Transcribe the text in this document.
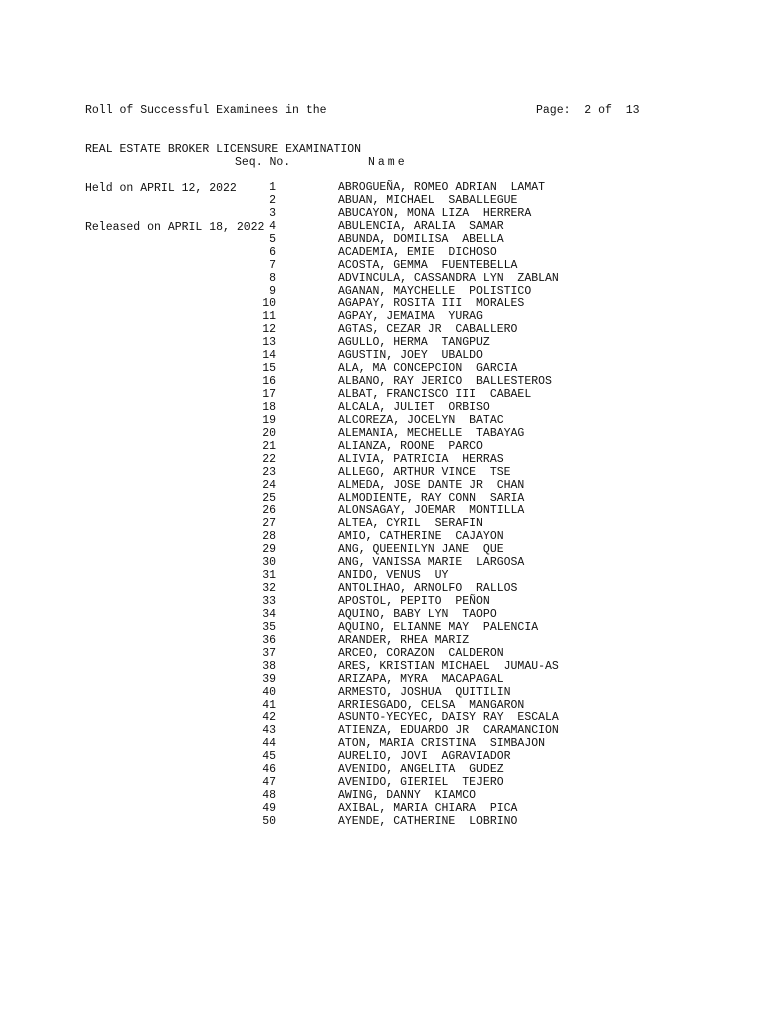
Roll of Successful Examinees in the

REAL ESTATE BROKER LICENSURE EXAMINATION

Held on APRIL 12, 2022

Released on APRIL 18, 2022

Page:  2 of  13
Seq. No.	Name
1	ABROGUEÑA, ROMEO ADRIAN  LAMAT
2	ABUAN, MICHAEL  SABALLEGUE
3	ABUCAYON, MONA LIZA  HERRERA
4	ABULENCIA, ARALIA  SAMAR
5	ABUNDA, DOMILISA  ABELLA
6	ACADEMIA, EMIE  DICHOSO
7	ACOSTA, GEMMA  FUENTEBELLA
8	ADVINCULA, CASSANDRA LYN  ZABLAN
9	AGANAN, MAYCHELLE  POLISTICO
10	AGAPAY, ROSITA III  MORALES
11	AGPAY, JEMAIMA  YURAG
12	AGTAS, CEZAR JR  CABALLERO
13	AGULLO, HERMA  TANGPUZ
14	AGUSTIN, JOEY  UBALDO
15	ALA, MA CONCEPCION  GARCIA
16	ALBANO, RAY JERICO  BALLESTEROS
17	ALBAT, FRANCISCO III  CABAEL
18	ALCALA, JULIET  ORBISO
19	ALCOREZA, JOCELYN  BATAC
20	ALEMANIA, MECHELLE  TABAYAG
21	ALIANZA, ROONE  PARCO
22	ALIVIA, PATRICIA  HERRAS
23	ALLEGO, ARTHUR VINCE  TSE
24	ALMEDA, JOSE DANTE JR  CHAN
25	ALMODIENTE, RAY CONN  SARIA
26	ALONSAGAY, JOEMAR  MONTILLA
27	ALTEA, CYRIL  SERAFIN
28	AMIO, CATHERINE  CAJAYON
29	ANG, QUEENILYN JANE  QUE
30	ANG, VANISSA MARIE  LARGOSA
31	ANIDO, VENUS  UY
32	ANTOLIHAO, ARNOLFO  RALLOS
33	APOSTOL, PEPITO  PEÑON
34	AQUINO, BABY LYN  TAOPO
35	AQUINO, ELIANNE MAY  PALENCIA
36	ARANDER, RHEA MARIZ
37	ARCEO, CORAZON  CALDERON
38	ARES, KRISTIAN MICHAEL  JUMAU-AS
39	ARIZAPA, MYRA  MACAPAGAL
40	ARMESTO, JOSHUA  QUITILIN
41	ARRIESGADO, CELSA  MANGARON
42	ASUNTO-YECYEC, DAISY RAY  ESCALA
43	ATIENZA, EDUARDO JR  CARAMANCION
44	ATON, MARIA CRISTINA  SIMBAJON
45	AURELIO, JOVI  AGRAVIADOR
46	AVENIDO, ANGELITA  GUDEZ
47	AVENIDO, GIERIEL  TEJERO
48	AWING, DANNY  KIAMCO
49	AXIBAL, MARIA CHIARA  PICA
50	AYENDE, CATHERINE  LOBRINO
